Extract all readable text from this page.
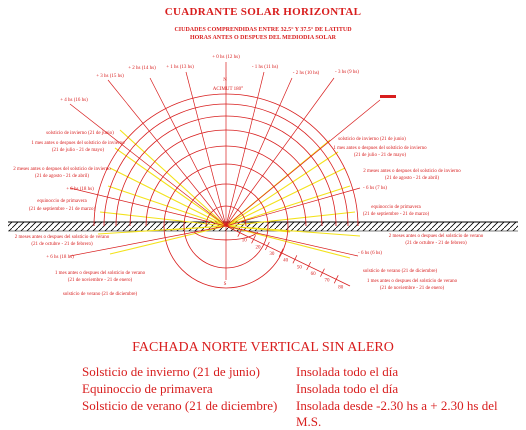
CUADRANTE SOLAR HORIZONTAL
CIUDADES COMPRENDIDAS ENTRE 32.5° Y 37.5° DE LATITUD
HORAS ANTES O DESPUES DEL MEDIODIA SOLAR
10
20
30
40
50
60
70
80
+ 0 hs (12 hs)
+ 1 hs (13 hs)	- 1 hs (11 hs)
+ 2 hs (14 hs)
- 2 hs (10 hs)
+ 3 hs (15 hs)
- 3 hs (9 hs)
+ 4 hs (16 hs)
+ 6 hs (18 hs)	- 6 hs (7 hs)
+ 6 hs (18 hs)
- 6 hs (6 hs)
ACIMUT 180°
N
S
solsticio de invierno (21 de junio)
1 mes antes o despues del solsticio de invierno
(21 de julio - 21 de mayo)
2 meses antes o despues del solsticio de invierno
(21 de agosto - 21 de abril)
equinoccio de primavera
(21 de septiembre - 21 de marzo)
2 meses antes o despues del solsticio de verano
(21 de octubre - 21 de febrero)
1 mes antes o despues del solsticio de verano
(21 de noviembre - 21 de enero)
solsticio de verano (21 de diciembre)
solsticio de invierno (21 de junio)
1 mes antes o despues del solsticio de invierno
(21 de julio - 21 de mayo)
2 meses antes o despues del solsticio de invierno
(21 de agosto - 21 de abril)
equinoccio de primavera
(21 de septiembre - 21 de marzo)
2 meses antes o despues del solsticio de verano
(21 de octubre - 21 de febrero)
solsticio de verano (21 de diciembre)
1 mes antes o despues del solsticio de verano
(21 de noviembre - 21 de enero)
FACHADA NORTE VERTICAL SIN ALERO
Solsticio de invierno (21 de junio)	Insolada todo el día
Equinoccio de primavera	Insolada todo el día
Solsticio de verano (21 de diciembre) Insolada desde -2.30 hs a + 2.30 hs del M.S.
